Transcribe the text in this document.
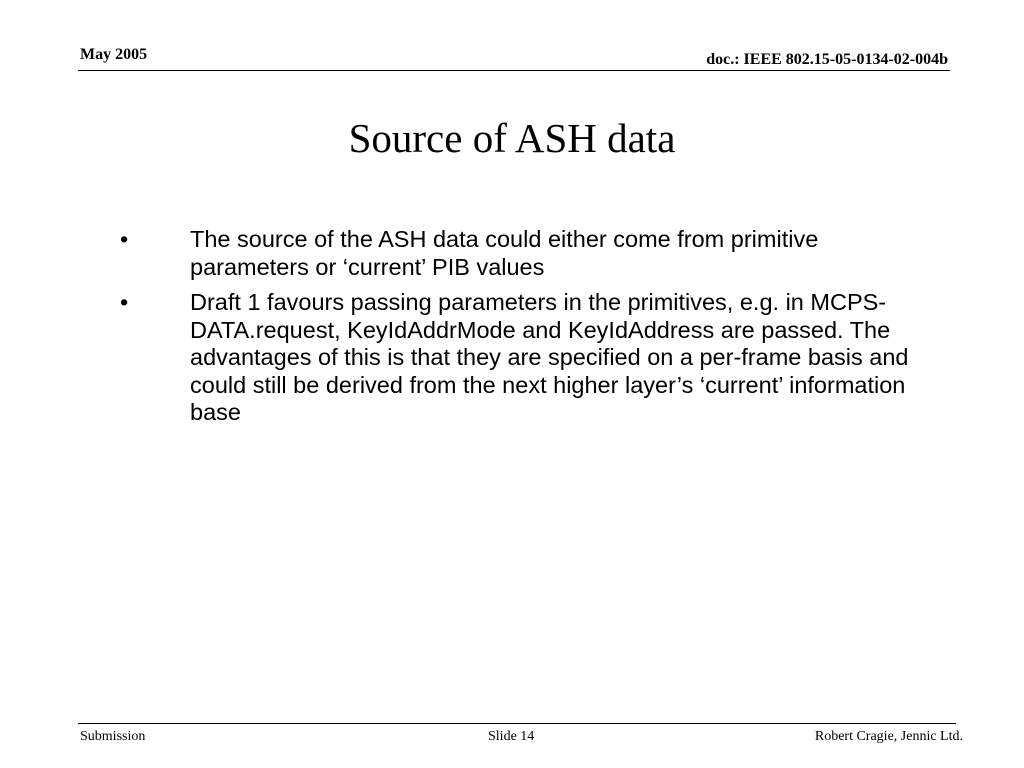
May 2005	doc.: IEEE 802.15-05-0134-02-004b
Source of ASH data
•	The source of the ASH data could either come from primitive parameters or ‘current’ PIB values
•	Draft 1 favours passing parameters in the primitives, e.g. in MCPS-DATA.request, KeyIdAddrMode and KeyIdAddress are passed. The advantages of this is that they are specified on a per-frame basis and could still be derived from the next higher layer’s ‘current’ information base
Submission	Slide 14	Robert Cragie, Jennic Ltd.
